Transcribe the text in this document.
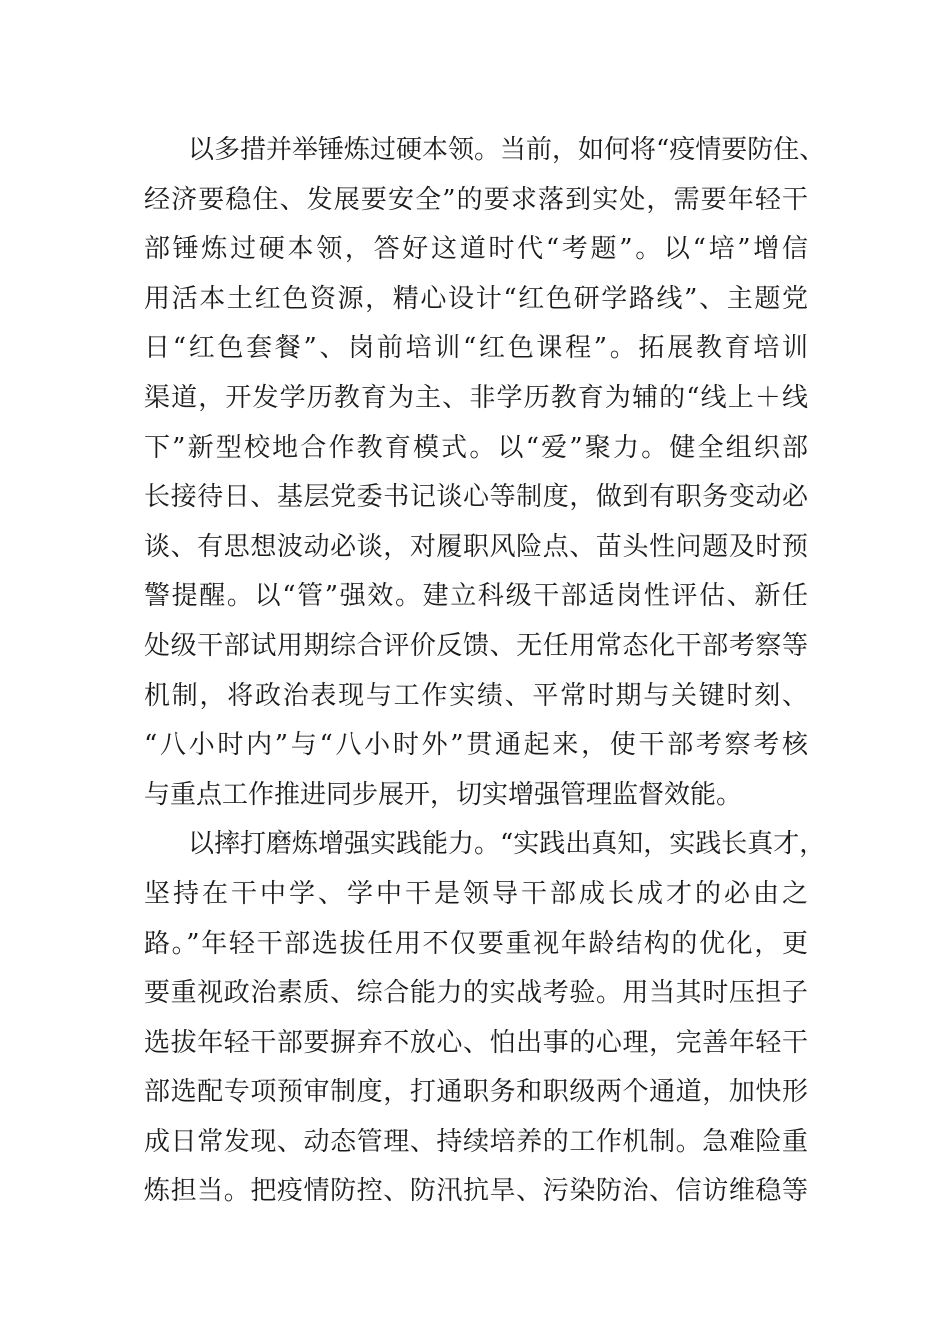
以多措并举锤炼过硬本领。当前，如何将“疫情要防住、
经济要稳住、发展要安全”的要求落到实处，需要年轻干
部锤炼过硬本领，答好这道时代“考题”。以“培”增信
用活本土红色资源，精心设计“红色研学路线”、主题党
日“红色套餐”、岗前培训“红色课程”。拓展教育培训
渠道，开发学历教育为主、非学历教育为辅的“线上＋线
下”新型校地合作教育模式。以“爱”聚力。健全组织部
长接待日、基层党委书记谈心等制度，做到有职务变动必
谈、有思想波动必谈，对履职风险点、苗头性问题及时预
警提醒。以“管”强效。建立科级干部适岗性评估、新任
处级干部试用期综合评价反馈、无任用常态化干部考察等
机制，将政治表现与工作实绩、平常时期与关键时刻、
“八小时内”与“八小时外”贯通起来，使干部考察考核
与重点工作推进同步展开，切实增强管理监督效能。
以摔打磨炼增强实践能力。“实践出真知，实践长真才，
坚持在干中学、学中干是领导干部成长成才的必由之
路。”年轻干部选拔任用不仅要重视年龄结构的优化，更
要重视政治素质、综合能力的实战考验。用当其时压担子
选拔年轻干部要摒弃不放心、怕出事的心理，完善年轻干
部选配专项预审制度，打通职务和职级两个通道，加快形
成日常发现、动态管理、持续培养的工作机制。急难险重
炼担当。把疫情防控、防汛抗旱、污染防治、信访维稳等
